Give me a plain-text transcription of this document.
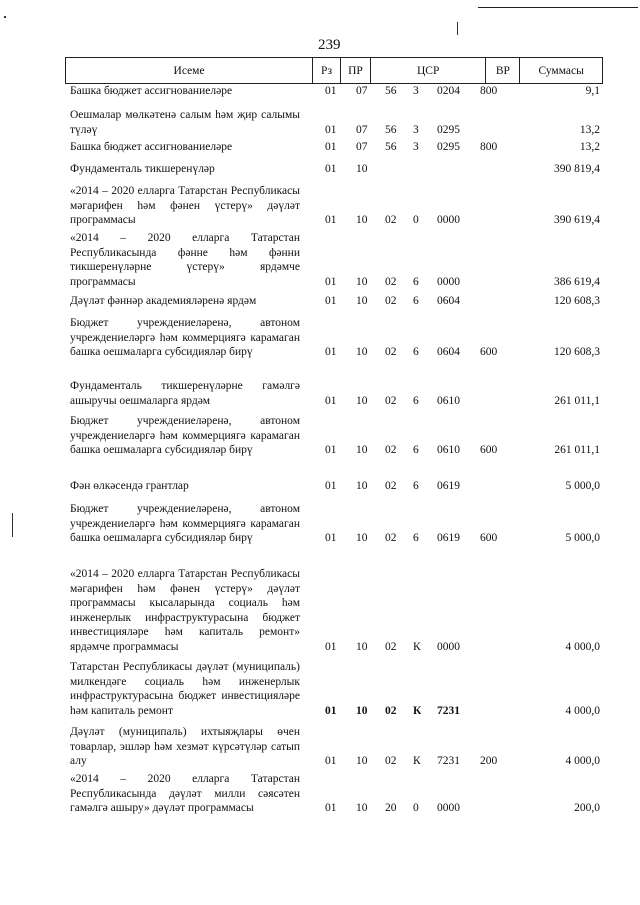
239
Исеме	Рз	ПР	ЦСР	ВР	Суммасы
Башка бюджет ассигнованиеләре	01 07 56 3 0204 800	9,1
Оешмалар мөлкәтенә салым һәм җир салымы түләү	01 07 56 3 0295	13,2
Башка бюджет ассигнованиеләре	01 07 56 3 0295 800	13,2
Фундаменталь тикшеренүләр	01 10	390 819,4
«2014 – 2020 елларга Татарстан Республикасы мәгарифен һәм фәнен үстерү» дәүләт программасы	01 10 02 0 0000	390 619,4
«2014 – 2020 елларга Татарстан Республикасында фәнне һәм фәнни тикшеренүләрне үстерү» ярдәмче программасы	01 10 02 6 0000	386 619,4
Дәүләт фәннәр академияләренә ярдәм	01 10 02 6 0604	120 608,3
Бюджет учреждениеләренә, автоном учреждениеләргә һәм коммерциягә карамаган башка оешмаларга субсидияләр бирү	01 10 02 6 0604 600	120 608,3
Фундаменталь тикшеренүләрне гамәлгә ашыручы оешмаларга ярдәм	01 10 02 6 0610	261 011,1
Бюджет учреждениеләренә, автоном учреждениеләргә һәм коммерциягә карамаган башка оешмаларга субсидияләр бирү	01 10 02 6 0610 600	261 011,1
Фән өлкәсендә грантлар	01 10 02 6 0619	5 000,0
Бюджет учреждениеләренә, автоном учреждениеләргә һәм коммерциягә карамаган башка оешмаларга субсидияләр бирү	01 10 02 6 0619 600	5 000,0
«2014 – 2020 елларга Татарстан Республикасы мәгарифен һәм фәнен үстерү» дәүләт программасы кысаларында социаль һәм инженерлык инфраструктурасына бюджет инвестицияләре һәм капиталь ремонт» ярдәмче программасы	01 10 02 К 0000	4 000,0
Татарстан Республикасы дәүләт (муниципаль) милкендәге социаль һәм инженерлык инфраструктурасына бюджет инвестицияләре һәм капиталь ремонт	01 10 02 К 7231	4 000,0
Дәүләт (муниципаль) ихтыяҗлары өчен товарлар, эшләр һәм хезмәт күрсәтүләр сатып алу	01 10 02 К 7231 200	4 000,0
«2014 – 2020 елларга Татарстан Республикасында дәүләт милли сәясәтен гамәлгә ашыру» дәүләт программасы	01 10 20 0 0000	200,0
